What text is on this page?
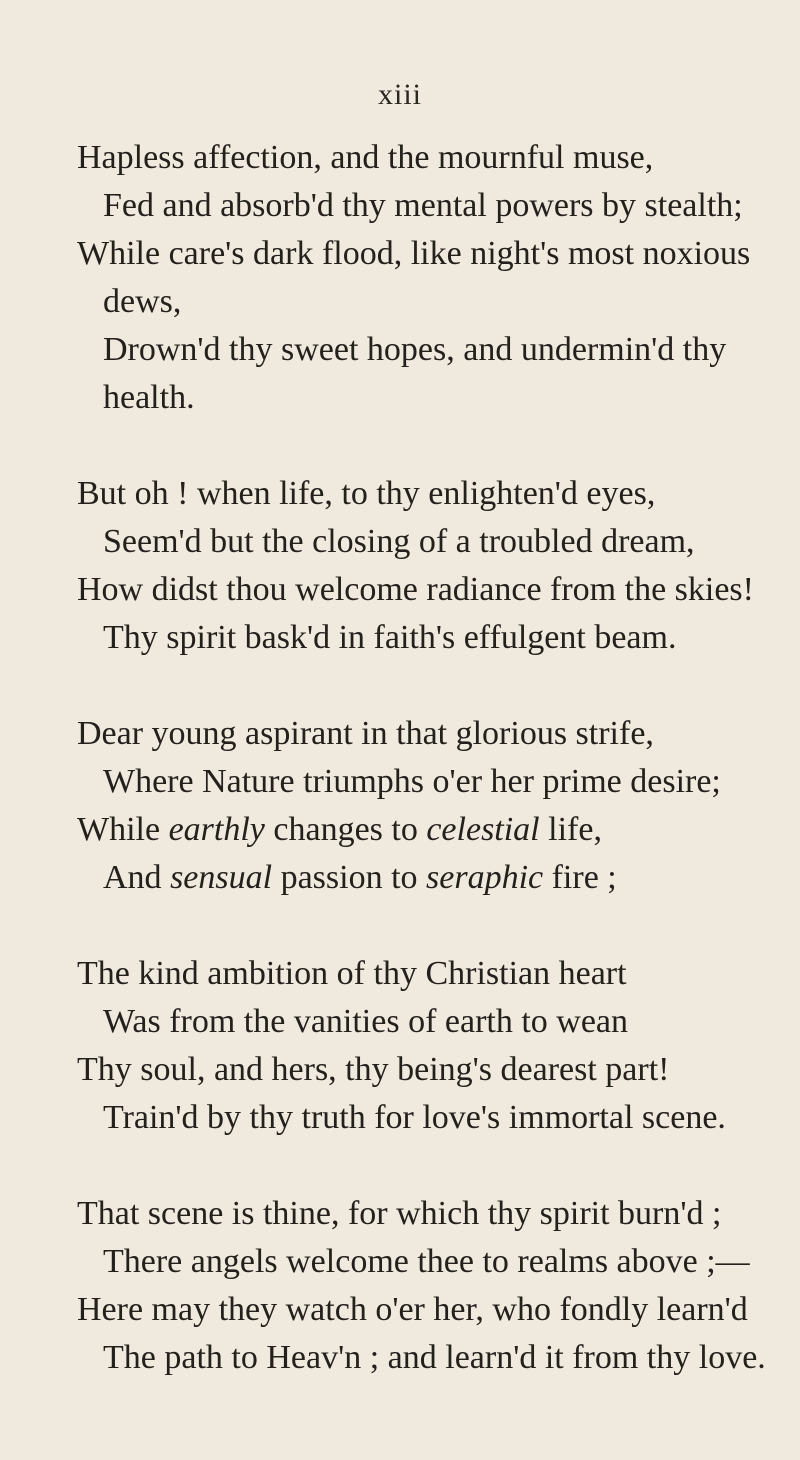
xiii

Hapless affection, and the mournful muse,

Fed and absorb'd thy mental powers by stealth;

While care's dark flood, like night's most noxious

dews,

Drown'd thy sweet hopes, and undermin'd thy

health.

But oh ! when life, to thy enlighten'd eyes,

Seem'd but the closing of a troubled dream,

How didst thou welcome radiance from the skies!

Thy spirit bask'd in faith's effulgent beam.

Dear young aspirant in that glorious strife,

Where Nature triumphs o'er her prime desire;

While earthly changes to celestial life,

And sensual passion to seraphic fire ;

The kind ambition of thy Christian heart

Was from the vanities of earth to wean

Thy soul, and hers, thy being's dearest part!

Train'd by thy truth for love's immortal scene.

That scene is thine, for which thy spirit burn'd ;

There angels welcome thee to realms above ;—

Here may they watch o'er her, who fondly learn'd

The path to Heav'n ; and learn'd it from thy love.
